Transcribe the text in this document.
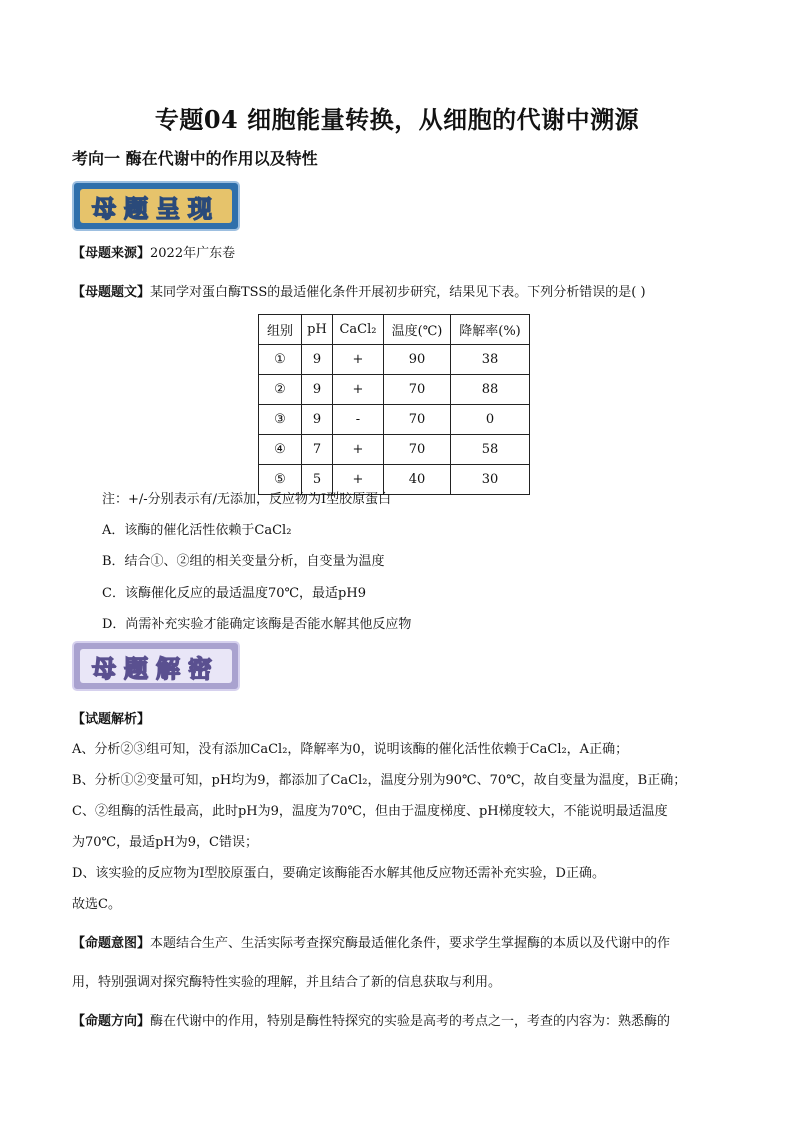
专题04 细胞能量转换，从细胞的代谢中溯源
考向一 酶在代谢中的作用以及特性
母题呈现
【母题来源】2022年广东卷
【母题题文】某同学对蛋白酶TSS的最适催化条件开展初步研究，结果见下表。下列分析错误的是( )
组别	pH	CaCl₂	温度(℃)	降解率(%)
①	9	+	90	38
②	9	+	70	88
③	9	-	70	0
④	7	+	70	58
⑤	5	+	40	30
注：+/-分别表示有/无添加，反应物为Ⅰ型胶原蛋白
A．该酶的催化活性依赖于CaCl₂
B．结合①、②组的相关变量分析，自变量为温度
C．该酶催化反应的最适温度70℃，最适pH9
D．尚需补充实验才能确定该酶是否能水解其他反应物
母题解密
【试题解析】
A、分析②③组可知，没有添加CaCl₂，降解率为0，说明该酶的催化活性依赖于CaCl₂，A正确；
B、分析①②变量可知，pH均为9，都添加了CaCl₂，温度分别为90℃、70℃，故自变量为温度，B正确；
C、②组酶的活性最高，此时pH为9，温度为70℃，但由于温度梯度、pH梯度较大，不能说明最适温度
为70℃，最适pH为9，C错误；
D、该实验的反应物为Ⅰ型胶原蛋白，要确定该酶能否水解其他反应物还需补充实验，D正确。
故选C。
【命题意图】本题结合生产、生活实际考查探究酶最适催化条件，要求学生掌握酶的本质以及代谢中的作
用，特别强调对探究酶特性实验的理解，并且结合了新的信息获取与利用。
【命题方向】酶在代谢中的作用，特别是酶性特探究的实验是高考的考点之一，考查的内容为：熟悉酶的
